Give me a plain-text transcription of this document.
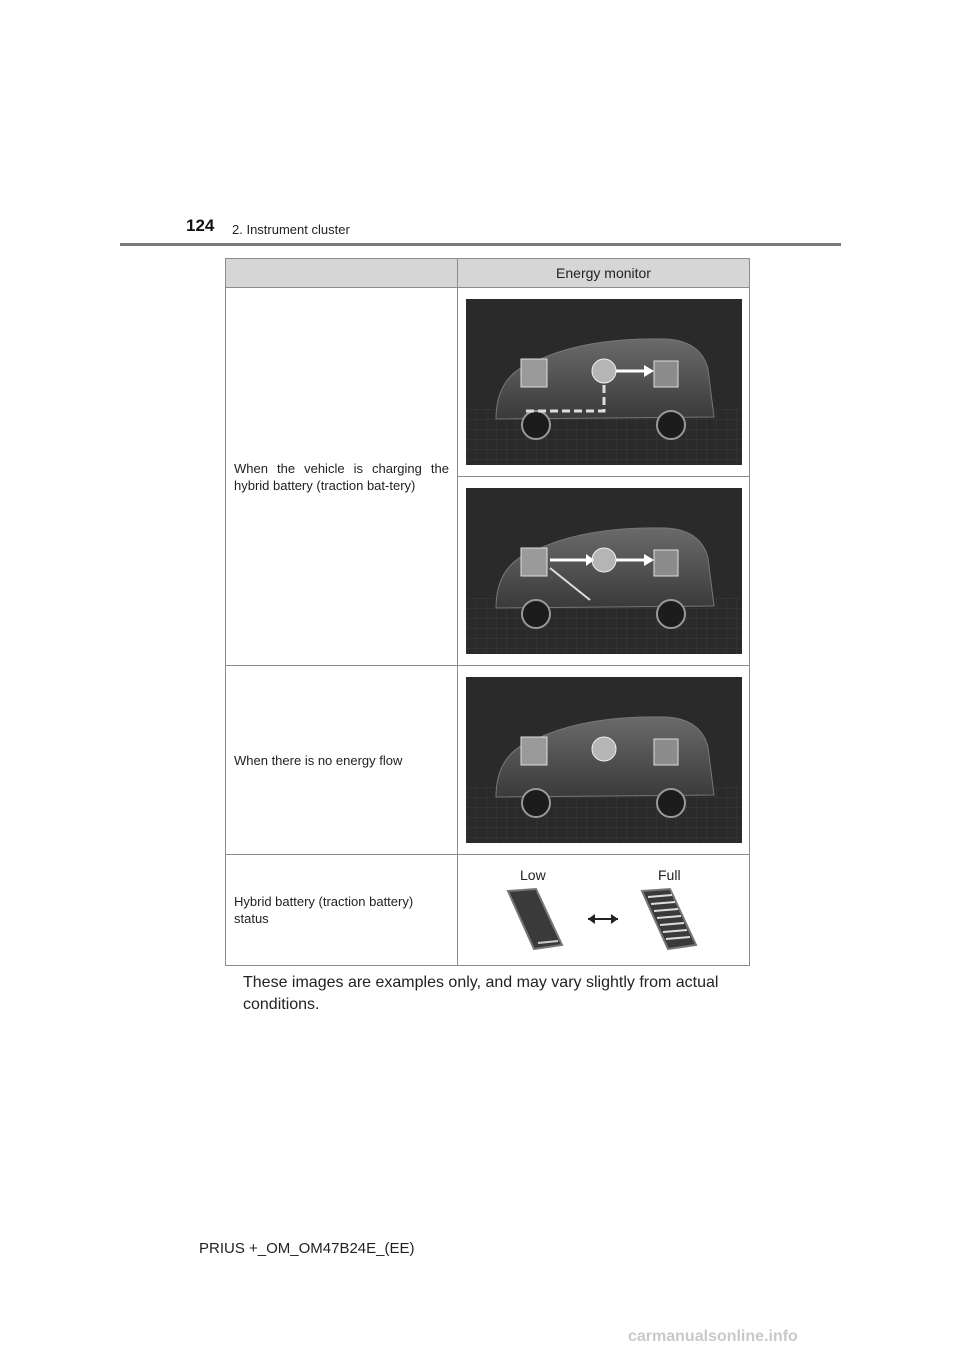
124 2. Instrument cluster
	Energy monitor

When the vehicle is charging the hybrid battery (traction bat-tery)

When there is no energy flow

Hybrid battery (traction battery) status	Low Full
These images are examples only, and may vary slightly from actual conditions.
PRIUS +_OM_OM47B24E_(EE)
carmanualsonline.info
